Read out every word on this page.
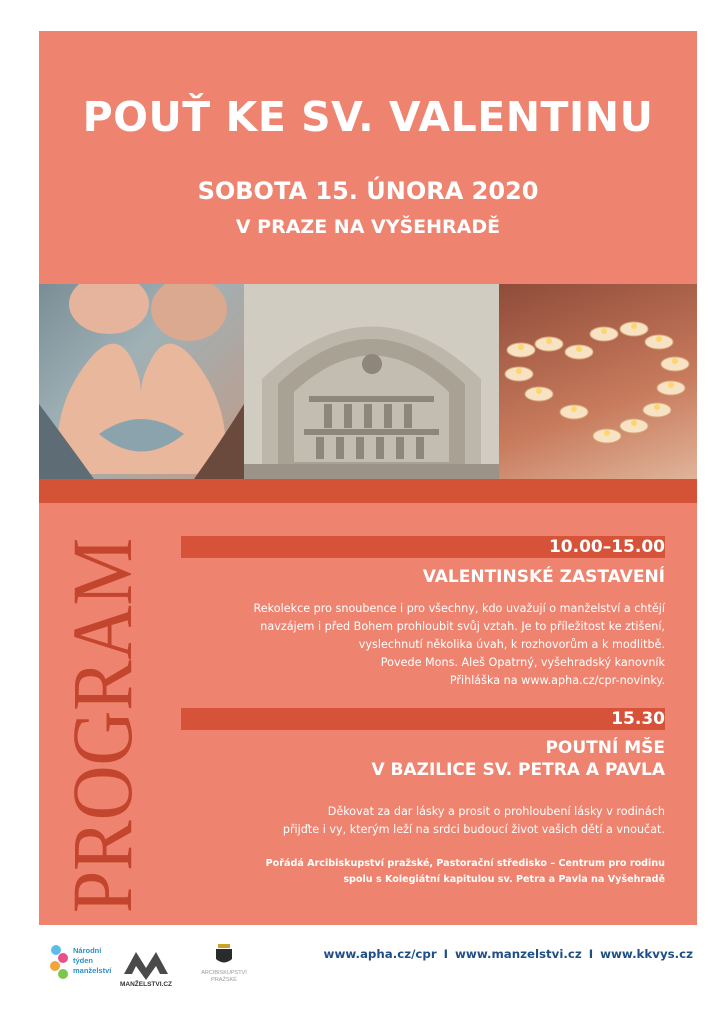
POUŤ KE SV. VALENTINU
SOBOTA 15. ÚNORA 2020
V PRAZE NA VYŠEHRADĚ
PROGRAM	10.00–15.00
VALENTINSKÉ ZASTAVENÍ
Rekolekce pro snoubence i pro všechny, kdo uvažují o manželství a chtějí
navzájem i před Bohem prohloubit svůj vztah. Je to příležitost ke ztišení,
vyslechnutí několika úvah, k rozhovorům a k modlitbě.
Povede Mons. Aleš Opatrný, vyšehradský kanovník
Přihláška na www.apha.cz/cpr-novinky.
15.30
POUTNÍ MŠE
V BAZILICE SV. PETRA A PAVLA
Děkovat za dar lásky a prosit o prohloubení lásky v rodinách
přijďte i vy, kterým leží na srdci budoucí život vašich dětí a vnoučat.
Pořádá Arcibiskupství pražské, Pastorační středisko – Centrum pro rodinu
spolu s Kolegiátní kapitulou sv. Petra a Pavla na Vyšehradě
Národní
týden
manželství
MANŽELSTVI.CZ
ARCIBISKUPSTVÍ
PRAŽSKÉ
www.apha.cz/cpr I www.manzelstvi.cz I www.kkvys.cz
